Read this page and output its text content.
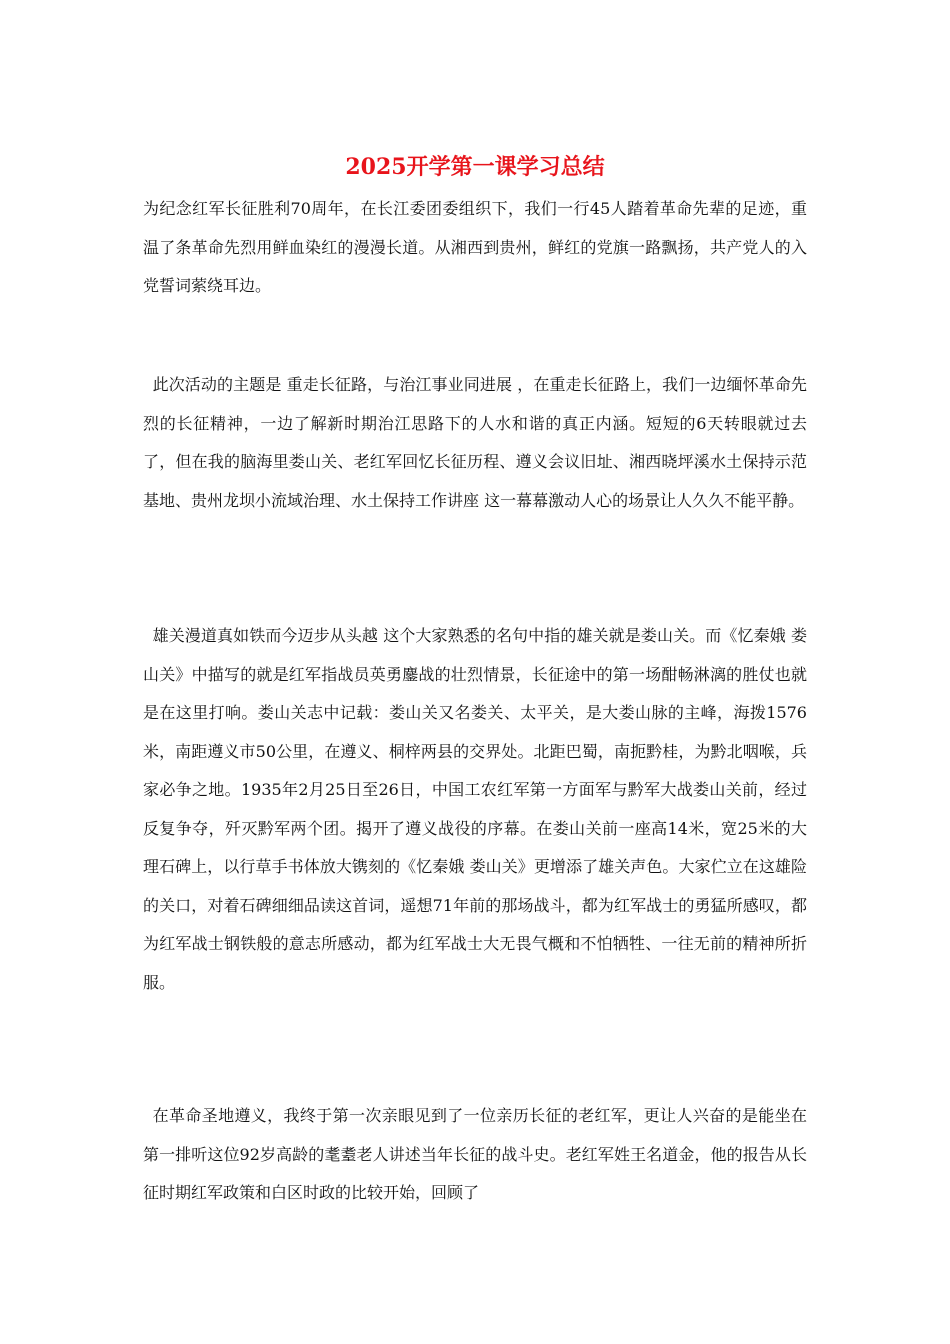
2025开学第一课学习总结

为纪念红军长征胜利70周年，在长江委团委组织下，我们一行45人踏着革命先辈的足迹，重温了条革命先烈用鲜血染红的漫漫长道。从湘西到贵州，鲜红的党旗一路飘扬，共产党人的入党誓词萦绕耳边。

此次活动的主题是 重走长征路，与治江事业同进展 ，在重走长征路上，我们一边缅怀革命先烈的长征精神，一边了解新时期治江思路下的人水和谐的真正内涵。短短的6天转眼就过去了，但在我的脑海里娄山关、老红军回忆长征历程、遵义会议旧址、湘西晓坪溪水土保持示范基地、贵州龙坝小流域治理、水土保持工作讲座 这一幕幕激动人心的场景让人久久不能平静。

雄关漫道真如铁而今迈步从头越 这个大家熟悉的名句中指的雄关就是娄山关。而《忆秦娥 娄山关》中描写的就是红军指战员英勇鏖战的壮烈情景，长征途中的第一场酣畅淋漓的胜仗也就是在这里打响。娄山关志中记载：娄山关又名娄关、太平关，是大娄山脉的主峰，海拨1576米，南距遵义市50公里，在遵义、桐梓两县的交界处。北距巴蜀，南扼黔桂，为黔北咽喉，兵家必争之地。1935年2月25日至26日，中国工农红军第一方面军与黔军大战娄山关前，经过反复争夺，歼灭黔军两个团。揭开了遵义战役的序幕。在娄山关前一座高14米，宽25米的大理石碑上，以行草手书体放大镌刻的《忆秦娥 娄山关》更增添了雄关声色。大家伫立在这雄险的关口，对着石碑细细品读这首词，遥想71年前的那场战斗，都为红军战士的勇猛所感叹，都为红军战士钢铁般的意志所感动，都为红军战士大无畏气概和不怕牺牲、一往无前的精神所折服。

在革命圣地遵义，我终于第一次亲眼见到了一位亲历长征的老红军，更让人兴奋的是能坐在第一排听这位92岁高龄的耄耋老人讲述当年长征的战斗史。老红军姓王名道金，他的报告从长征时期红军政策和白区时政的比较开始，回顾了
